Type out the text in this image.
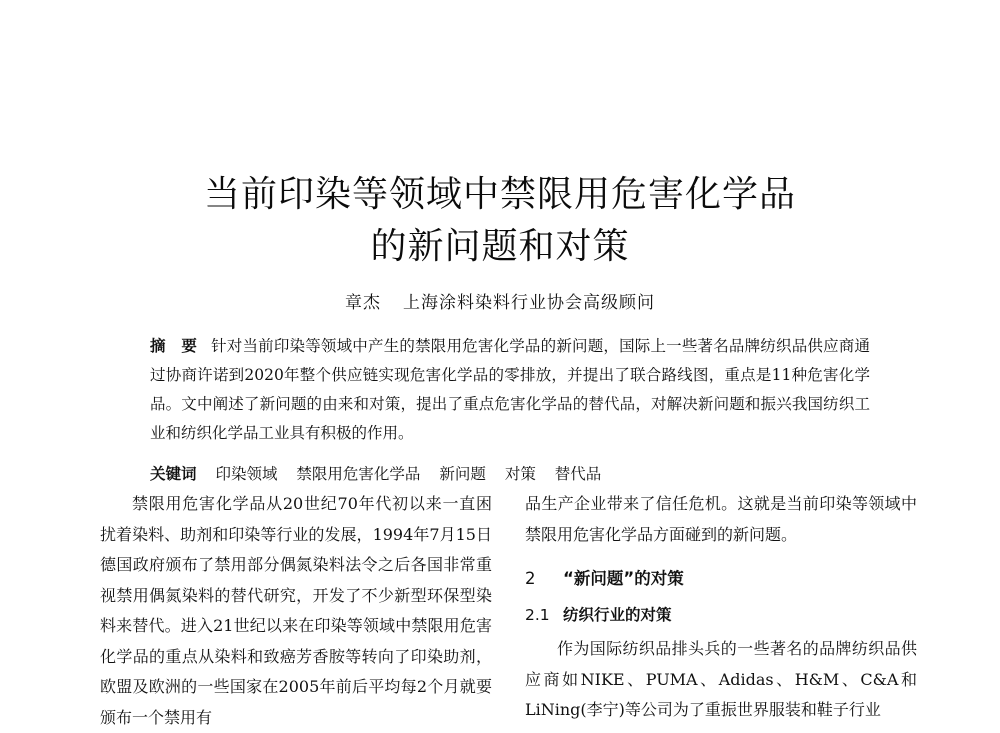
当前印染等领域中禁限用危害化学品
的新问题和对策
章杰 上海涂料染料行业协会高级顾问
摘　要 针对当前印染等领域中产生的禁限用危害化学品的新问题，国际上一些著名品牌纺织品供应商通过协商许诺到2020年整个供应链实现危害化学品的零排放，并提出了联合路线图，重点是11种危害化学品。文中阐述了新问题的由来和对策，提出了重点危害化学品的替代品，对解决新问题和振兴我国纺织工业和纺织化学品工业具有积极的作用。
关键词 印染领域 禁限用危害化学品 新问题 对策 替代品

禁限用危害化学品从20世纪70年代初以来一直困扰着染料、助剂和印染等行业的发展，1994年7月15日德国政府颁布了禁用部分偶氮染料法令之后各国非常重视禁用偶氮染料的替代研究，开发了不少新型环保型染料来替代。进入21世纪以来在印染等领域中禁限用危害化学品的重点从染料和致癌芳香胺等转向了印染助剂，欧盟及欧洲的一些国家在2005年前后平均每2个月就要颁布一个禁用有

品生产企业带来了信任危机。这就是当前印染等领域中禁限用危害化学品方面碰到的新问题。

2 “新问题”的对策
2.1 纺织行业的对策

作为国际纺织品排头兵的一些著名的品牌纺织品供应商如NIKE、PUMA、Adidas、H&M、C&A和LiNing(李宁)等公司为了重振世界服装和鞋子行业
